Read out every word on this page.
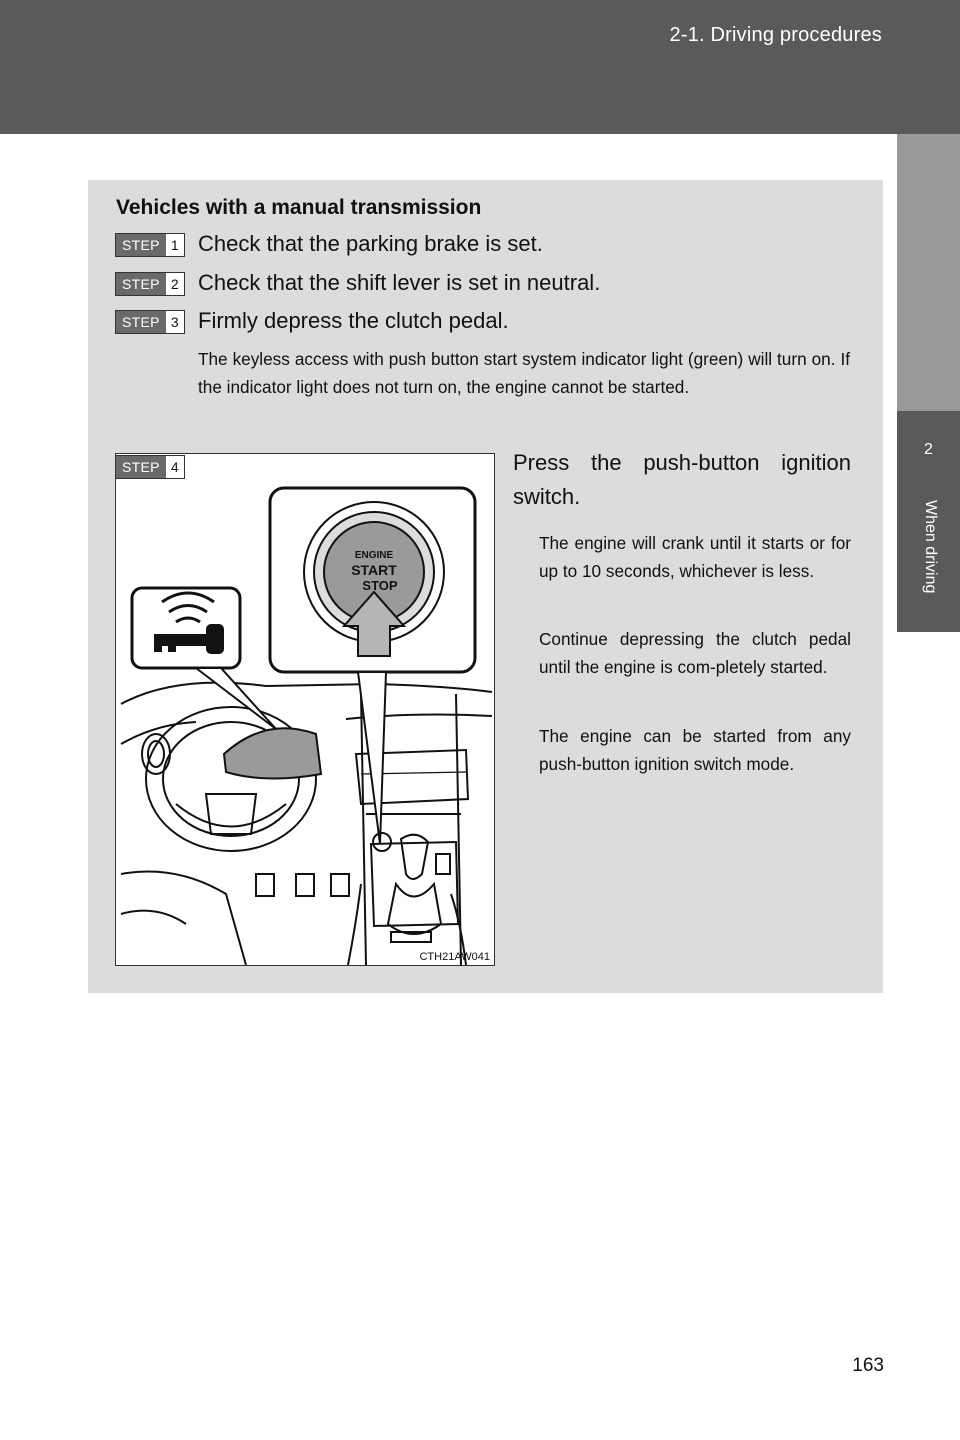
2-1. Driving procedures
2
When driving
Vehicles with a manual transmission
STEP 1 Check that the parking brake is set.
STEP 2 Check that the shift lever is set in neutral.
STEP 3 Firmly depress the clutch pedal.
The keyless access with push button start system indicator light (green) will turn on. If the indicator light does not turn on, the engine cannot be started.
ENGINE
START
STOP
CTH21AW041
STEP 4	Press the push-button ignition switch.
The engine will crank until it starts or for up to 10 seconds, whichever is less.
Continue depressing the clutch pedal until the engine is com-pletely started.
The engine can be started from any push-button ignition switch mode.
163
